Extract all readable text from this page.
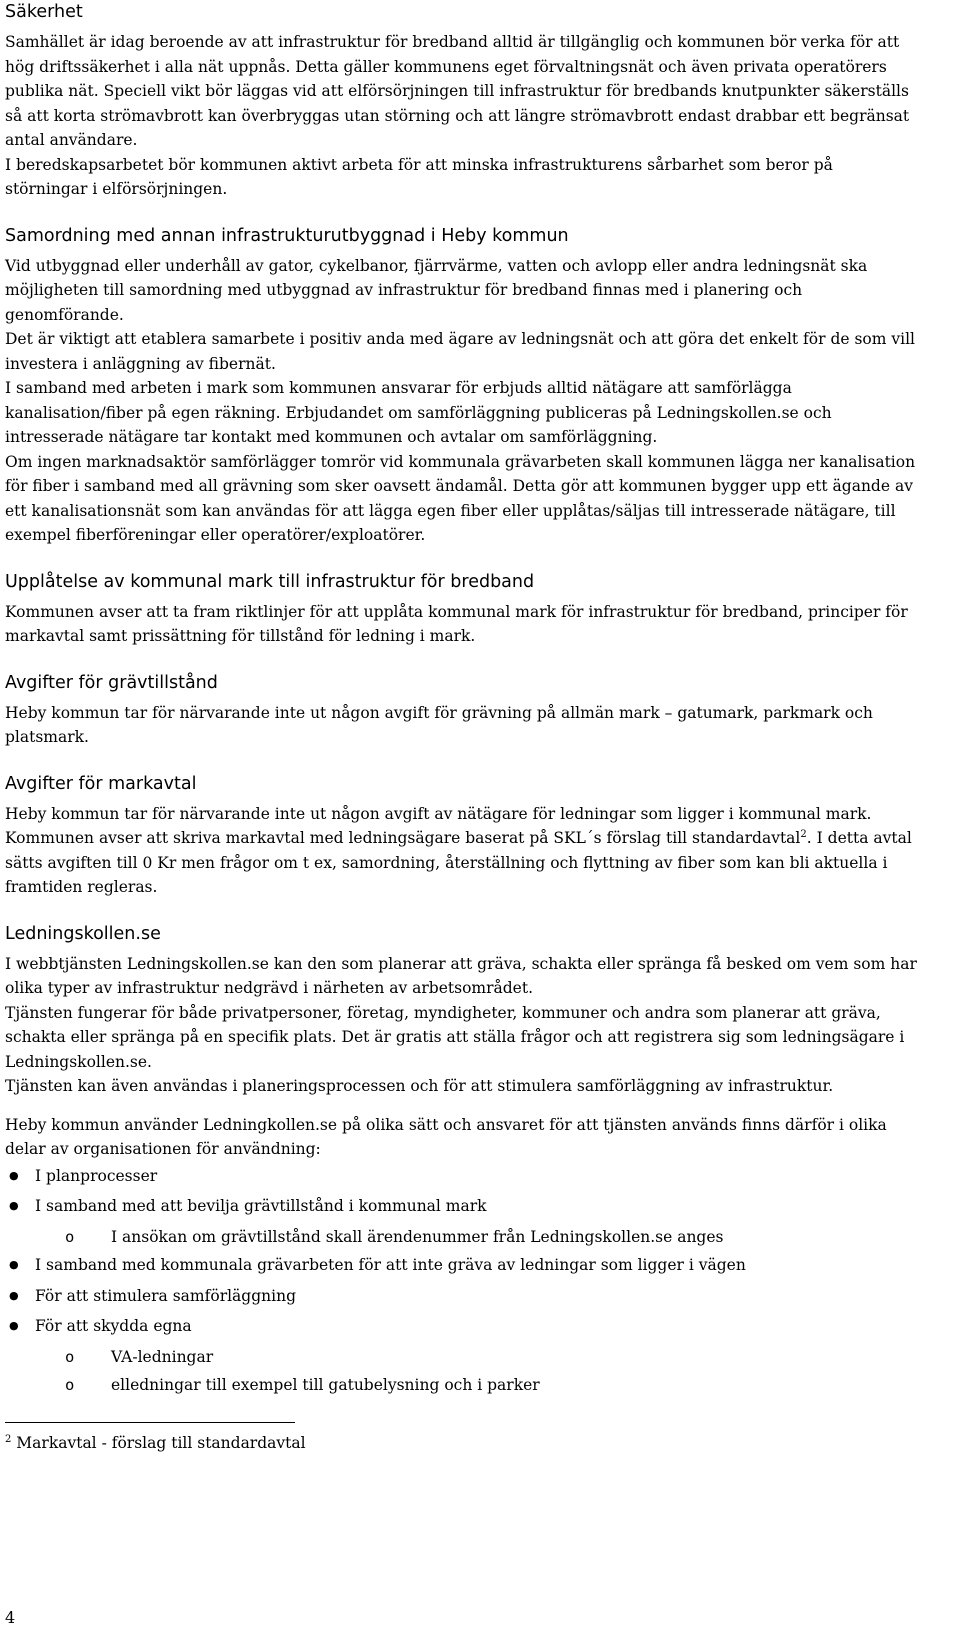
Säkerhet

Samhället är idag beroende av att infrastruktur för bredband alltid är tillgänglig och kommunen bör verka för att hög driftssäkerhet i alla nät uppnås. Detta gäller kommunens eget förvaltningsnät och även privata operatörers publika nät. Speciell vikt bör läggas vid att elförsörjningen till infrastruktur för bredbands knutpunkter säkerställs så att korta strömavbrott kan överbryggas utan störning och att längre strömavbrott endast drabbar ett begränsat antal användare.

I beredskapsarbetet bör kommunen aktivt arbeta för att minska infrastrukturens sårbarhet som beror på störningar i elförsörjningen.

Samordning med annan infrastrukturutbyggnad i Heby kommun

Vid utbyggnad eller underhåll av gator, cykelbanor, fjärrvärme, vatten och avlopp eller andra ledningsnät ska möjligheten till samordning med utbyggnad av infrastruktur för bredband finnas med i planering och genomförande.

Det är viktigt att etablera samarbete i positiv anda med ägare av ledningsnät och att göra det enkelt för de som vill investera i anläggning av fibernät.

I samband med arbeten i mark som kommunen ansvarar för erbjuds alltid nätägare att samförlägga kanalisation/fiber på egen räkning. Erbjudandet om samförläggning publiceras på Ledningskollen.se och intresserade nätägare tar kontakt med kommunen och avtalar om samförläggning.

Om ingen marknadsaktör samförlägger tomrör vid kommunala grävarbeten skall kommunen lägga ner kanalisation för fiber i samband med all grävning som sker oavsett ändamål. Detta gör att kommunen bygger upp ett ägande av ett kanalisationsnät som kan användas för att lägga egen fiber eller upplåtas/säljas till intresserade nätägare, till exempel fiberföreningar eller operatörer/exploatörer.

Upplåtelse av kommunal mark till infrastruktur för bredband

Kommunen avser att ta fram riktlinjer för att upplåta kommunal mark för infrastruktur för bredband, principer för markavtal samt prissättning för tillstånd för ledning i mark.

Avgifter för grävtillstånd

Heby kommun tar för närvarande inte ut någon avgift för grävning på allmän mark – gatumark, parkmark och platsmark.

Avgifter för markavtal

Heby kommun tar för närvarande inte ut någon avgift av nätägare för ledningar som ligger i kommunal mark.

Kommunen avser att skriva markavtal med ledningsägare baserat på SKL´s förslag till standardavtal$^2$. I detta avtal sätts avgiften till 0 Kr men frågor om t ex, samordning, återställning och flyttning av fiber som kan bli aktuella i framtiden regleras.

Ledningskollen.se

I webbtjänsten Ledningskollen.se kan den som planerar att gräva, schakta eller spränga få besked om vem som har olika typer av infrastruktur nedgrävd i närheten av arbetsområdet.

Tjänsten fungerar för både privatpersoner, företag, myndigheter, kommuner och andra som planerar att gräva, schakta eller spränga på en specifik plats. Det är gratis att ställa frågor och att registrera sig som ledningsägare i Ledningskollen.se.

Tjänsten kan även användas i planeringsprocessen och för att stimulera samförläggning av infrastruktur.

Heby kommun använder Ledningkollen.se på olika sätt och ansvaret för att tjänsten används finns därför i olika delar av organisationen för användning:

●
I planprocesser
●
I samband med att bevilja grävtillstånd i kommunal mark
o	I ansökan om grävtillstånd skall ärendenummer från Ledningskollen.se anges
●
I samband med kommunala grävarbeten för att inte gräva av ledningar som ligger i vägen
●
För att stimulera samförläggning
●
För att skydda egna
o	VA-ledningar
o	elledningar till exempel till gatubelysning och i parker

$^2$ Markavtal - förslag till standardavtal

4
